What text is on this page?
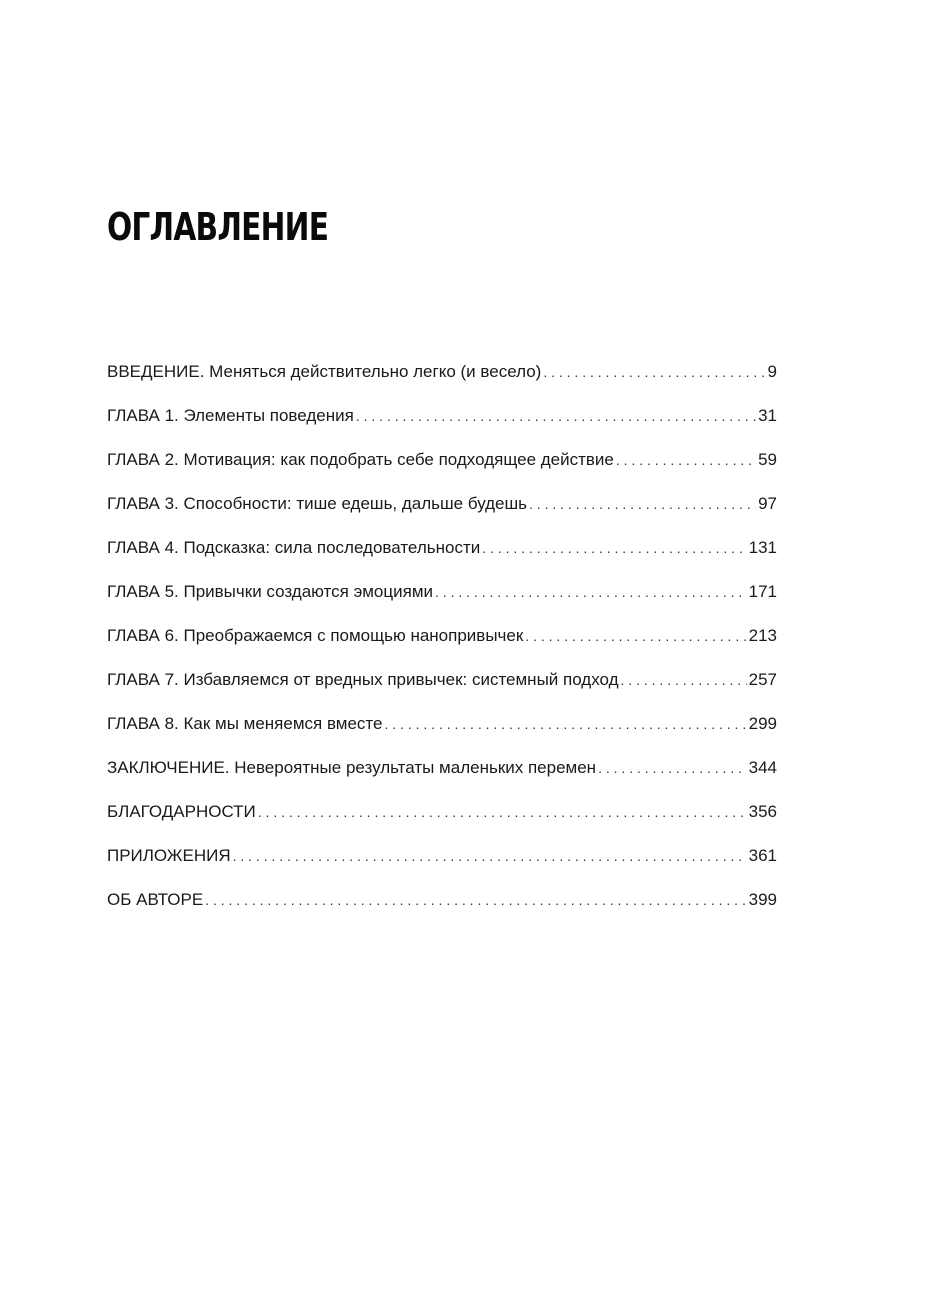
ОГЛАВЛЕНИЕ
ВВЕДЕНИЕ. Меняться действительно легко (и весело) . . .	9
ГЛАВА 1. Элементы поведения . . .	31
ГЛАВА 2. Мотивация: как подобрать себе подходящее действие . . .	59
ГЛАВА 3. Способности: тише едешь, дальше будешь . . .	97
ГЛАВА 4. Подсказка: сила последовательности . . .	131
ГЛАВА 5. Привычки создаются эмоциями . . .	171
ГЛАВА 6. Преображаемся с помощью нанопривычек . . .	213
ГЛАВА 7. Избавляемся от вредных привычек: системный подход . . .	257
ГЛАВА 8. Как мы меняемся вместе . . .	299
ЗАКЛЮЧЕНИЕ. Невероятные результаты маленьких перемен . . .	344
БЛАГОДАРНОСТИ . . .	356
ПРИЛОЖЕНИЯ . . .	361
ОБ АВТОРЕ . . .	399
